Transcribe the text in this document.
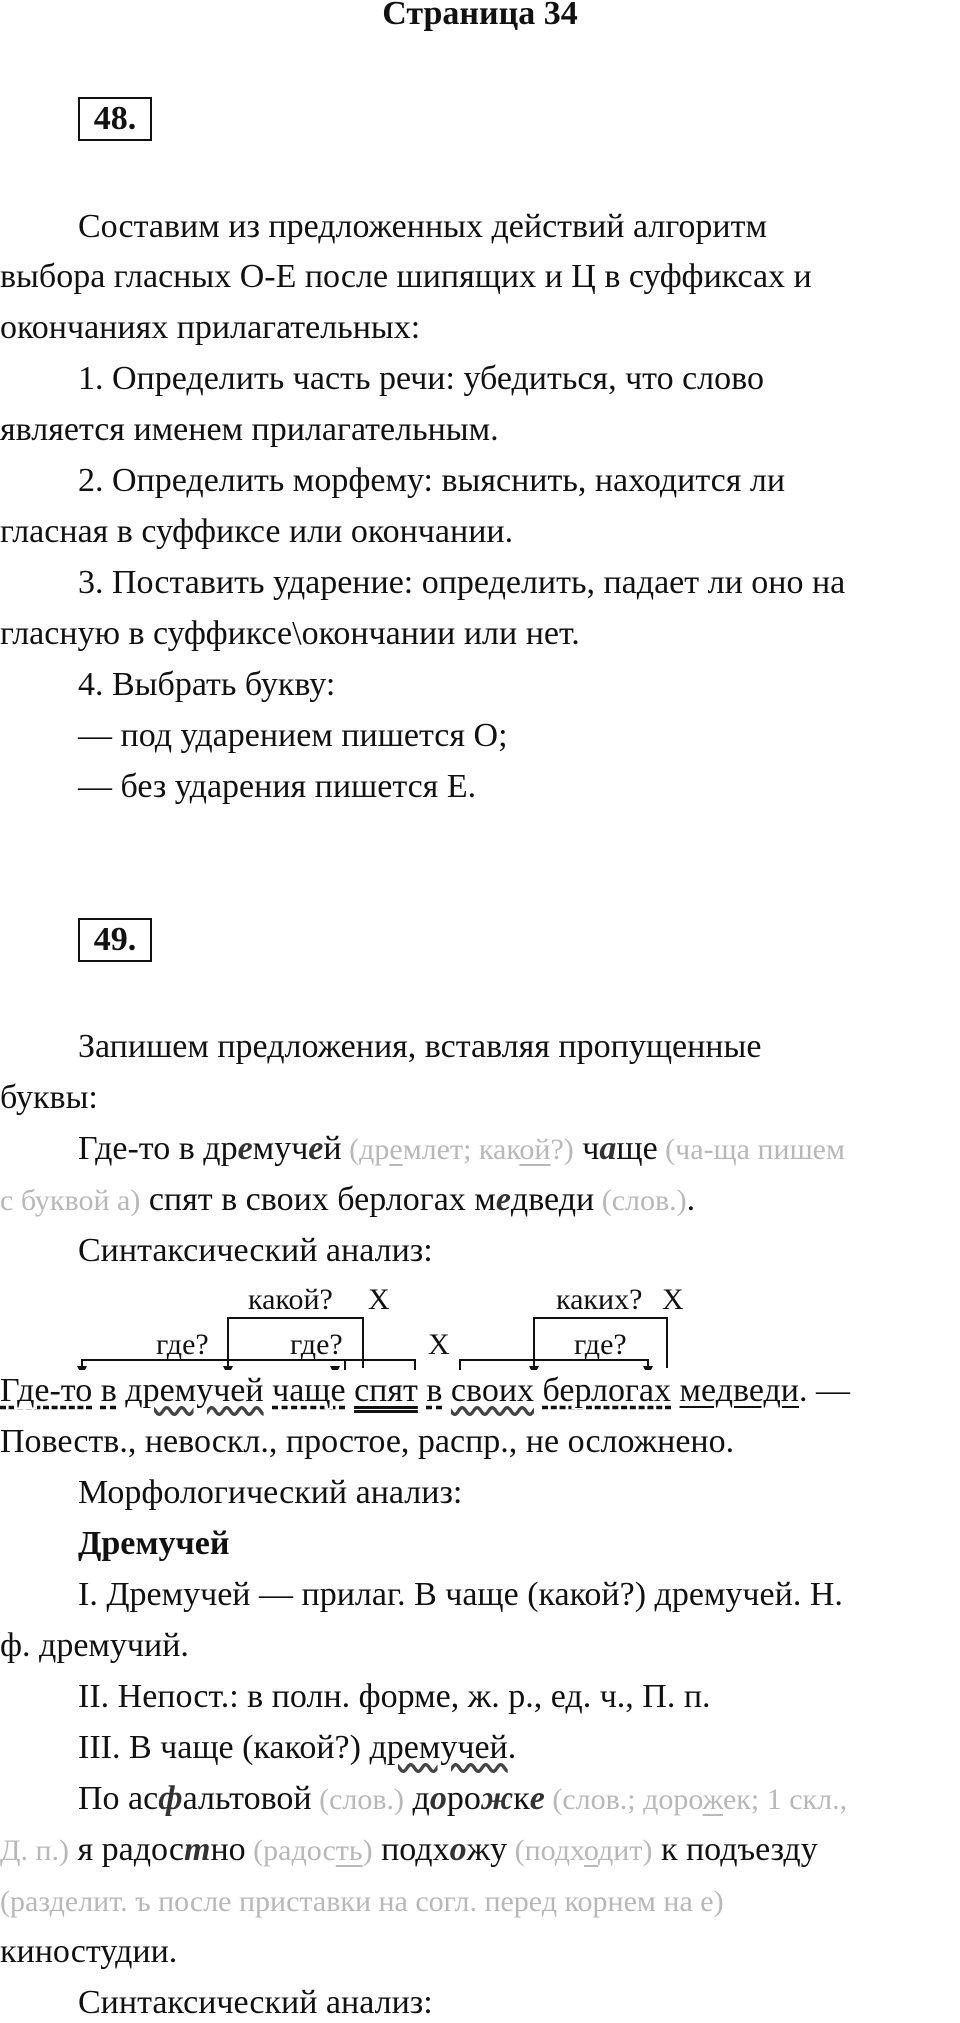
Страница 34
48.
Составим из предложенных действий алгоритм
выбора гласных О-Е после шипящих и Ц в суффиксах и
окончаниях прилагательных:
1. Определить часть речи: убедиться, что слово
является именем прилагательным.
2. Определить морфему: выяснить, находится ли
гласная в суффиксе или окончании.
3. Поставить ударение: определить, падает ли оно на
гласную в суффиксе\окончании или нет.
4. Выбрать букву:
— под ударением пишется О;
— без ударения пишется Е.
49.
Запишем предложения, вставляя пропущенные
буквы:
Где-то в дремучей (дремлет; какой?) чаще (ча-ща пишем
с буквой а) спят в своих берлогах медведи (слов.).
Синтаксический анализ:
какой? X	каких? X
где?	где?	X	где?
Где-то в дремучей чаще спят в своих берлогах медведи. —
Повеств., невоскл., простое, распр., не осложнено.
Морфологический анализ:
Дремучей
I. Дремучей — прилаг. В чаще (какой?) дремучей. Н.
ф. дремучий.
II. Непост.: в полн. форме, ж. р., ед. ч., П. п.
III. В чаще (какой?) дремучей.
По асфальтовой (слов.) дорожке (слов.; дорожек; 1 скл.,
Д. п.) я радостно (радость) подхожу (подходит) к подъезду
(разделит. ъ после приставки на согл. перед корнем на е)
киностудии.
Синтаксический анализ:
